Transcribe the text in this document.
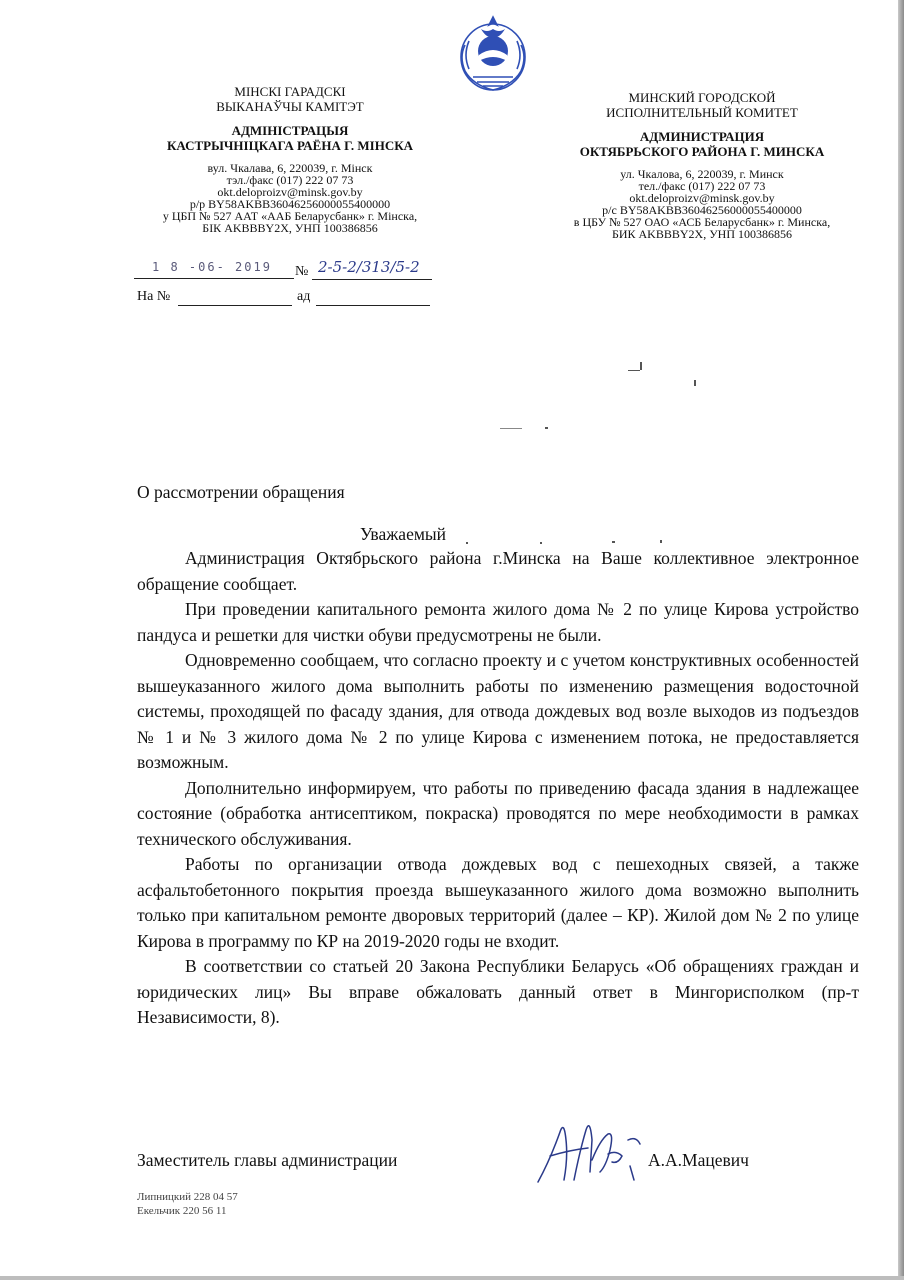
МІНСКІ ГАРАДСКІ
ВЫКАНАЎЧЫ КАМІТЭТ
АДМІНІСТРАЦЫЯ
КАСТРЫЧНІЦКАГА РАЁНА Г. МІНСКА
вул. Чкалава, 6, 220039, г. Мінск
тэл./факс (017) 222 07 73
okt.deloproizv@minsk.gov.by
р/р BY58AKBB36046256000055400000
у ЦБП № 527 ААТ «ААБ Беларусбанк» г. Мінска,
БІК AKBBBY2X, УНП 100386856
МИНСКИЙ ГОРОДСКОЙ
ИСПОЛНИТЕЛЬНЫЙ КОМИТЕТ
АДМИНИСТРАЦИЯ
ОКТЯБРЬСКОГО РАЙОНА Г. МИНСКА
ул. Чкалова, 6, 220039, г. Минск
тел./факс (017) 222 07 73
okt.deloproizv@minsk.gov.by
р/с BY58AKBB36046256000055400000
в ЦБУ № 527 ОАО «АСБ Беларусбанк» г. Минска,
БИК AKBBBY2X, УНП 100386856
1 8 -06- 2019 № 2-5-2/313/5-2
На №	ад
О рассмотрении обращения
Уважаемый

Администрация Октябрьского района г.Минска на Ваше коллективное электронное обращение сообщает.

При проведении капитального ремонта жилого дома № 2 по улице Кирова устройство пандуса и решетки для чистки обуви предусмотрены не были.

Одновременно сообщаем, что согласно проекту и с учетом конструктивных особенностей вышеуказанного жилого дома выполнить работы по изменению размещения водосточной системы, проходящей по фасаду здания, для отвода дождевых вод возле выходов из подъездов № 1 и № 3 жилого дома № 2 по улице Кирова с изменением потока, не предоставляется возможным.

Дополнительно информируем, что работы по приведению фасада здания в надлежащее состояние (обработка антисептиком, покраска) проводятся по мере необходимости в рамках технического обслуживания.

Работы по организации отвода дождевых вод с пешеходных связей, а также асфальтобетонного покрытия проезда вышеуказанного жилого дома возможно выполнить только при капитальном ремонте дворовых территорий (далее – КР). Жилой дом № 2 по улице Кирова в программу по КР на 2019-2020 годы не входит.

В соответствии со статьей 20 Закона Республики Беларусь «Об обращениях граждан и юридических лиц» Вы вправе обжаловать данный ответ в Мингорисполком (пр-т Независимости, 8).

Заместитель главы администрации	А.А.Мацевич
Липницкий 228 04 57
Екельчик 220 56 11
